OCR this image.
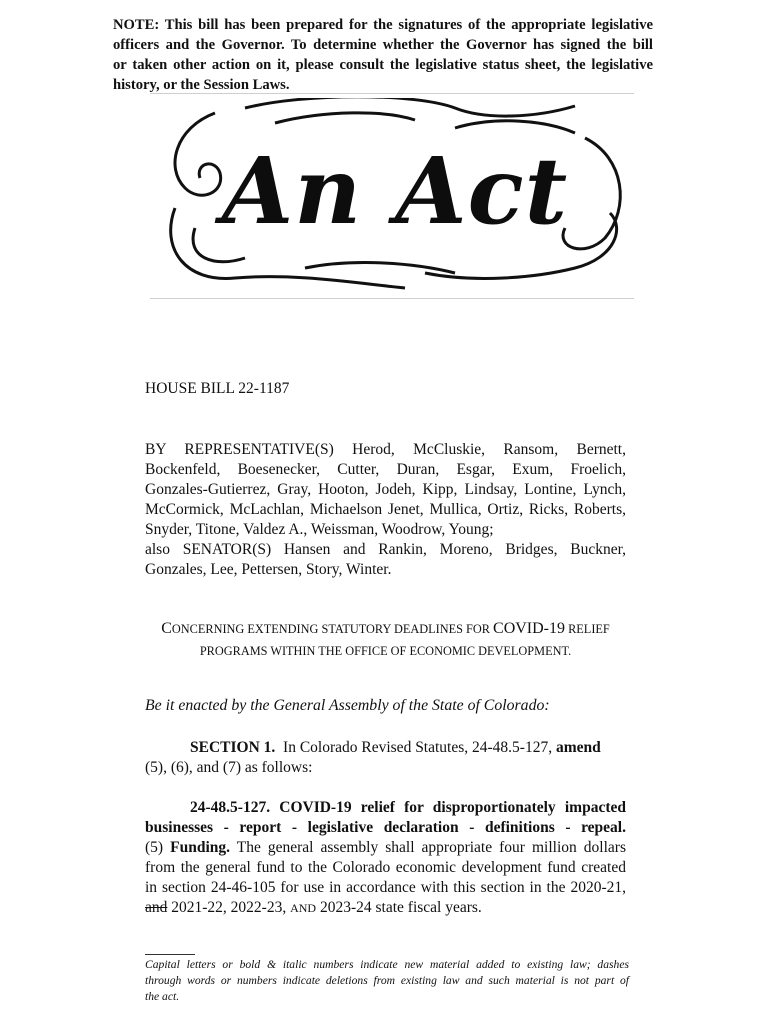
NOTE: This bill has been prepared for the signatures of the appropriate legislative
officers and the Governor. To determine whether the Governor has signed the bill
or taken other action on it, please consult the legislative status sheet, the legislative
history, or the Session Laws.
An Act
HOUSE BILL 22-1187
BY REPRESENTATIVE(S) Herod, McCluskie, Ransom, Bernett,
Bockenfeld, Boesenecker, Cutter, Duran, Esgar, Exum, Froelich,
Gonzales-Gutierrez, Gray, Hooton, Jodeh, Kipp, Lindsay, Lontine, Lynch,
McCormick, McLachlan, Michaelson Jenet, Mullica, Ortiz, Ricks, Roberts,
Snyder, Titone, Valdez A., Weissman, Woodrow, Young;
also SENATOR(S) Hansen and Rankin, Moreno, Bridges, Buckner,
Gonzales, Lee, Pettersen, Story, Winter.
CONCERNING EXTENDING STATUTORY DEADLINES FOR COVID-19 RELIEF
PROGRAMS WITHIN THE OFFICE OF ECONOMIC DEVELOPMENT.
Be it enacted by the General Assembly of the State of Colorado:
SECTION 1.  In Colorado Revised Statutes, 24-48.5-127, amend
(5), (6), and (7) as follows:
24-48.5-127. COVID-19 relief for disproportionately impacted
businesses - report - legislative declaration - definitions - repeal.
(5) Funding. The general assembly shall appropriate four million dollars
from the general fund to the Colorado economic development fund created
in section 24-46-105 for use in accordance with this section in the 2020-21,
and 2021-22, 2022-23, AND 2023-24 state fiscal years.
Capital letters or bold & italic numbers indicate new material added to existing law; dashes
through words or numbers indicate deletions from existing law and such material is not part of
the act.
